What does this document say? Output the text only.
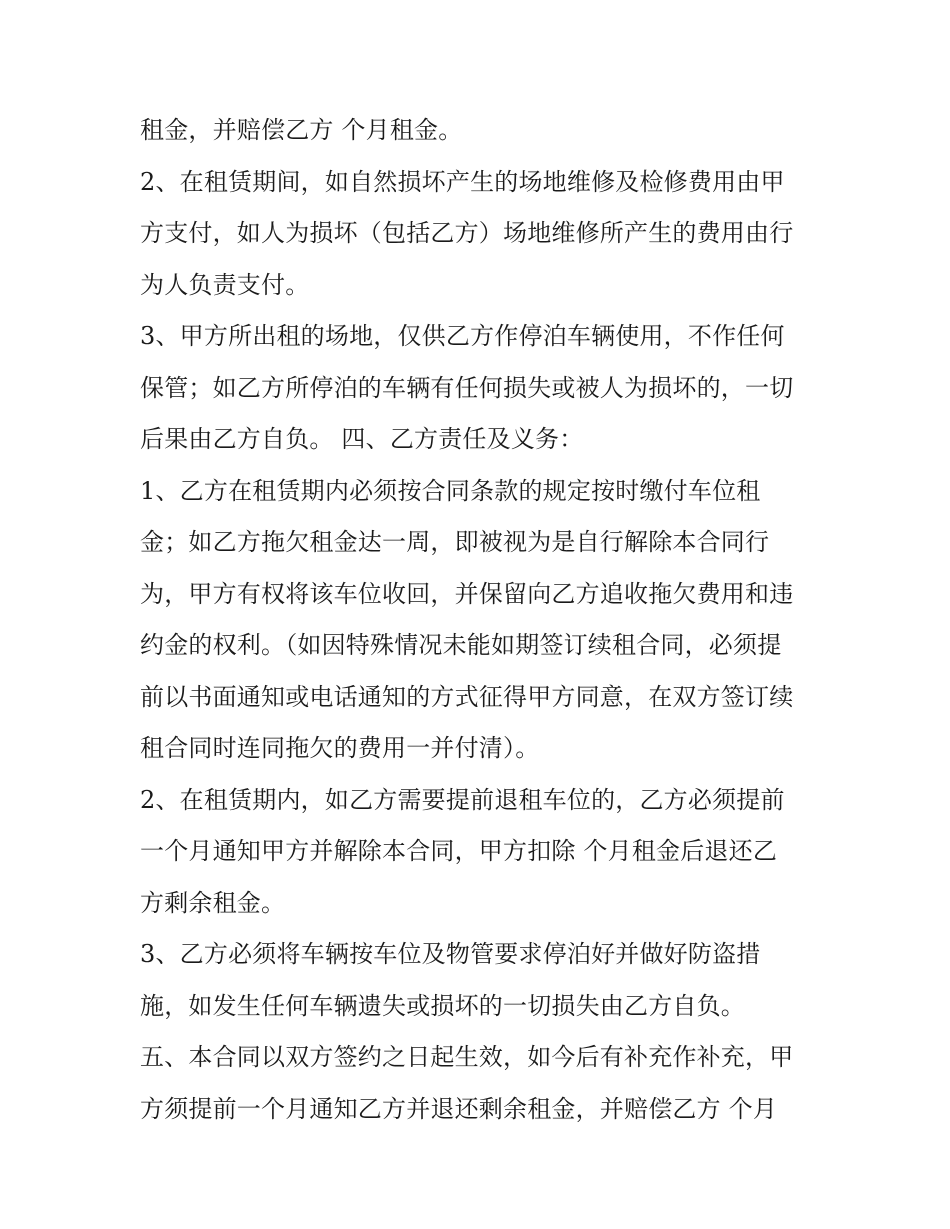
租金，并赔偿乙方 个月租金。
2、在租赁期间，如自然损坏产生的场地维修及检修费用由甲
方支付，如人为损坏（包括乙方）场地维修所产生的费用由行
为人负责支付。
3、甲方所出租的场地，仅供乙方作停泊车辆使用，不作任何
保管；如乙方所停泊的车辆有任何损失或被人为损坏的，一切
后果由乙方自负。 四、乙方责任及义务：
1、乙方在租赁期内必须按合同条款的规定按时缴付车位租
金；如乙方拖欠租金达一周，即被视为是自行解除本合同行
为，甲方有权将该车位收回，并保留向乙方追收拖欠费用和违
约金的权利。（如因特殊情况未能如期签订续租合同，必须提
前以书面通知或电话通知的方式征得甲方同意，在双方签订续
租合同时连同拖欠的费用一并付清）。
2、在租赁期内，如乙方需要提前退租车位的，乙方必须提前
一个月通知甲方并解除本合同，甲方扣除 个月租金后退还乙
方剩余租金。
3、乙方必须将车辆按车位及物管要求停泊好并做好防盗措
施，如发生任何车辆遗失或损坏的一切损失由乙方自负。
五、本合同以双方签约之日起生效，如今后有补充作补充，甲
方须提前一个月通知乙方并退还剩余租金，并赔偿乙方 个月
